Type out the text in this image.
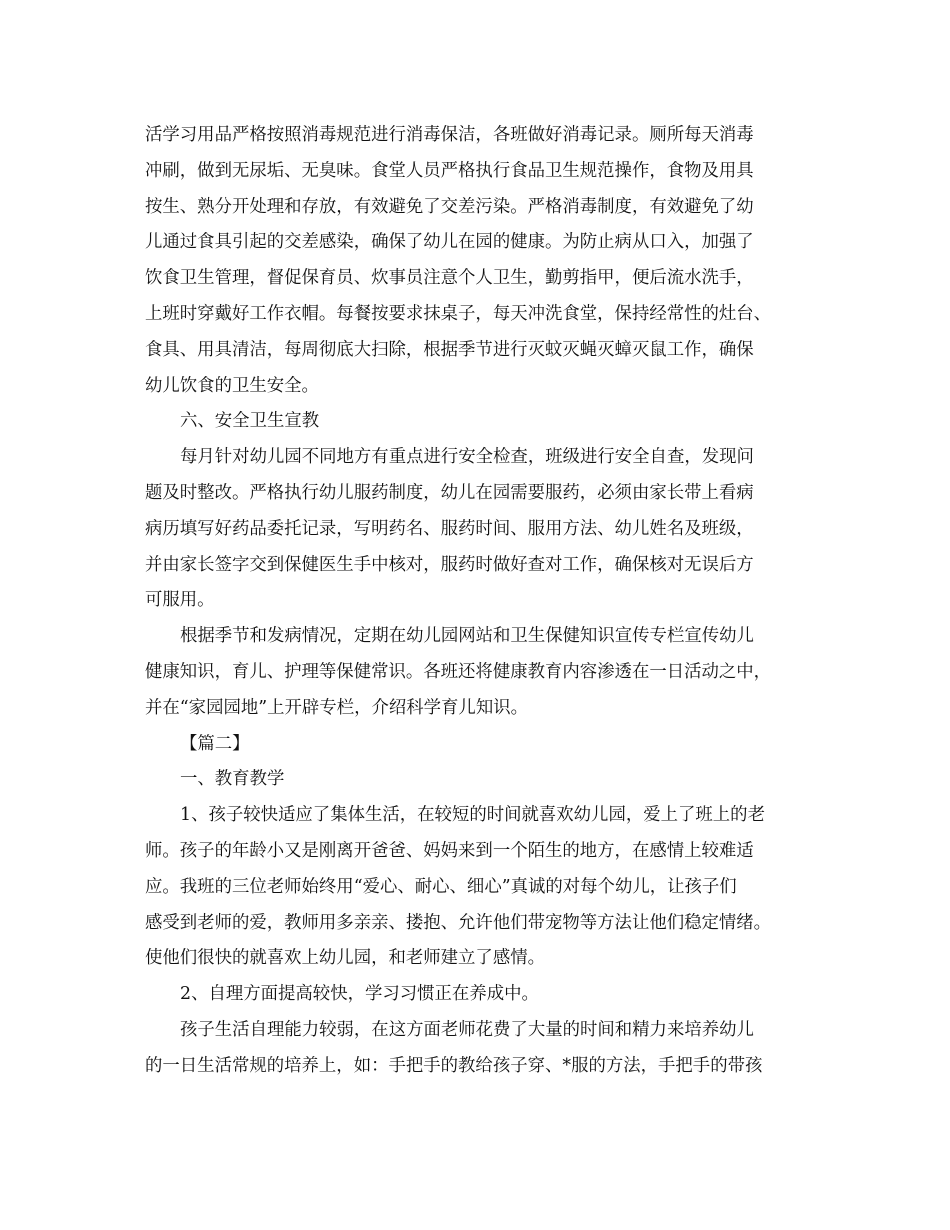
活学习用品严格按照消毒规范进行消毒保洁，各班做好消毒记录。厕所每天消毒
冲刷，做到无尿垢、无臭味。食堂人员严格执行食品卫生规范操作，食物及用具
按生、熟分开处理和存放，有效避免了交差污染。严格消毒制度，有效避免了幼
儿通过食具引起的交差感染，确保了幼儿在园的健康。为防止病从口入，加强了
饮食卫生管理，督促保育员、炊事员注意个人卫生，勤剪指甲，便后流水洗手，
上班时穿戴好工作衣帽。每餐按要求抹桌子，每天冲洗食堂，保持经常性的灶台、
食具、用具清洁，每周彻底大扫除，根据季节进行灭蚊灭蝇灭蟑灭鼠工作，确保
幼儿饮食的卫生安全。
六、安全卫生宣教
每月针对幼儿园不同地方有重点进行安全检查，班级进行安全自查，发现问
题及时整改。严格执行幼儿服药制度，幼儿在园需要服药，必须由家长带上看病
病历填写好药品委托记录，写明药名、服药时间、服用方法、幼儿姓名及班级，
并由家长签字交到保健医生手中核对，服药时做好查对工作，确保核对无误后方
可服用。
根据季节和发病情况，定期在幼儿园网站和卫生保健知识宣传专栏宣传幼儿
健康知识，育儿、护理等保健常识。各班还将健康教育内容渗透在一日活动之中，
并在“家园园地”上开辟专栏，介绍科学育儿知识。
【篇二】
一、教育教学
1、孩子较快适应了集体生活，在较短的时间就喜欢幼儿园，爱上了班上的老
师。孩子的年龄小又是刚离开爸爸、妈妈来到一个陌生的地方，在感情上较难适
应。我班的三位老师始终用“爱心、耐心、细心”真诚的对每个幼儿，让孩子们
感受到老师的爱，教师用多亲亲、搂抱、允许他们带宠物等方法让他们稳定情绪。
使他们很快的就喜欢上幼儿园，和老师建立了感情。
2、自理方面提高较快，学习习惯正在养成中。
孩子生活自理能力较弱，在这方面老师花费了大量的时间和精力来培养幼儿
的一日生活常规的培养上，如：手把手的教给孩子穿、*服的方法，手把手的带孩
